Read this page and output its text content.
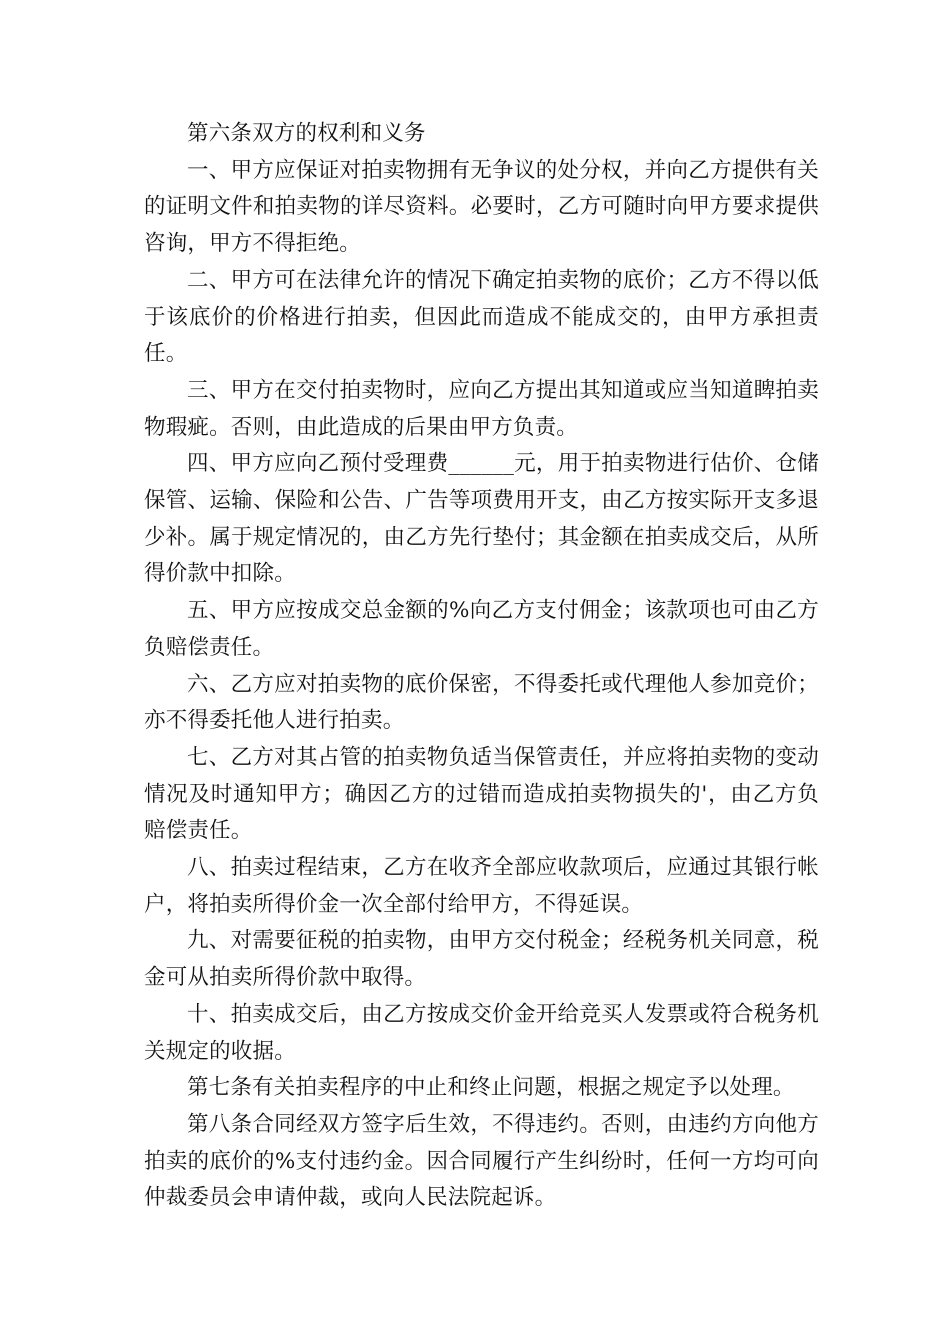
第六条双方的权利和义务

一、甲方应保证对拍卖物拥有无争议的处分权，并向乙方提供有关的证明文件和拍卖物的详尽资料。必要时，乙方可随时向甲方要求提供咨询，甲方不得拒绝。

二、甲方可在法律允许的情况下确定拍卖物的底价；乙方不得以低于该底价的价格进行拍卖，但因此而造成不能成交的，由甲方承担责任。

三、甲方在交付拍卖物时，应向乙方提出其知道或应当知道睥拍卖物瑕疵。否则，由此造成的后果由甲方负责。

四、甲方应向乙预付受理费______元，用于拍卖物进行估价、仓储保管、运输、保险和公告、广告等项费用开支，由乙方按实际开支多退少补。属于规定情况的，由乙方先行垫付；其金额在拍卖成交后，从所得价款中扣除。

五、甲方应按成交总金额的%向乙方支付佣金；该款项也可由乙方负赔偿责任。

六、乙方应对拍卖物的底价保密，不得委托或代理他人参加竞价；亦不得委托他人进行拍卖。

七、乙方对其占管的拍卖物负适当保管责任，并应将拍卖物的变动情况及时通知甲方；确因乙方的过错而造成拍卖物损失的'，由乙方负赔偿责任。

八、拍卖过程结束，乙方在收齐全部应收款项后，应通过其银行帐户，将拍卖所得价金一次全部付给甲方，不得延误。

九、对需要征税的拍卖物，由甲方交付税金；经税务机关同意，税金可从拍卖所得价款中取得。

十、拍卖成交后，由乙方按成交价金开给竞买人发票或符合税务机关规定的收据。

第七条有关拍卖程序的中止和终止问题，根据之规定予以处理。

第八条合同经双方签字后生效，不得违约。否则，由违约方向他方拍卖的底价的%支付违约金。因合同履行产生纠纷时，任何一方均可向仲裁委员会申请仲裁，或向人民法院起诉。
